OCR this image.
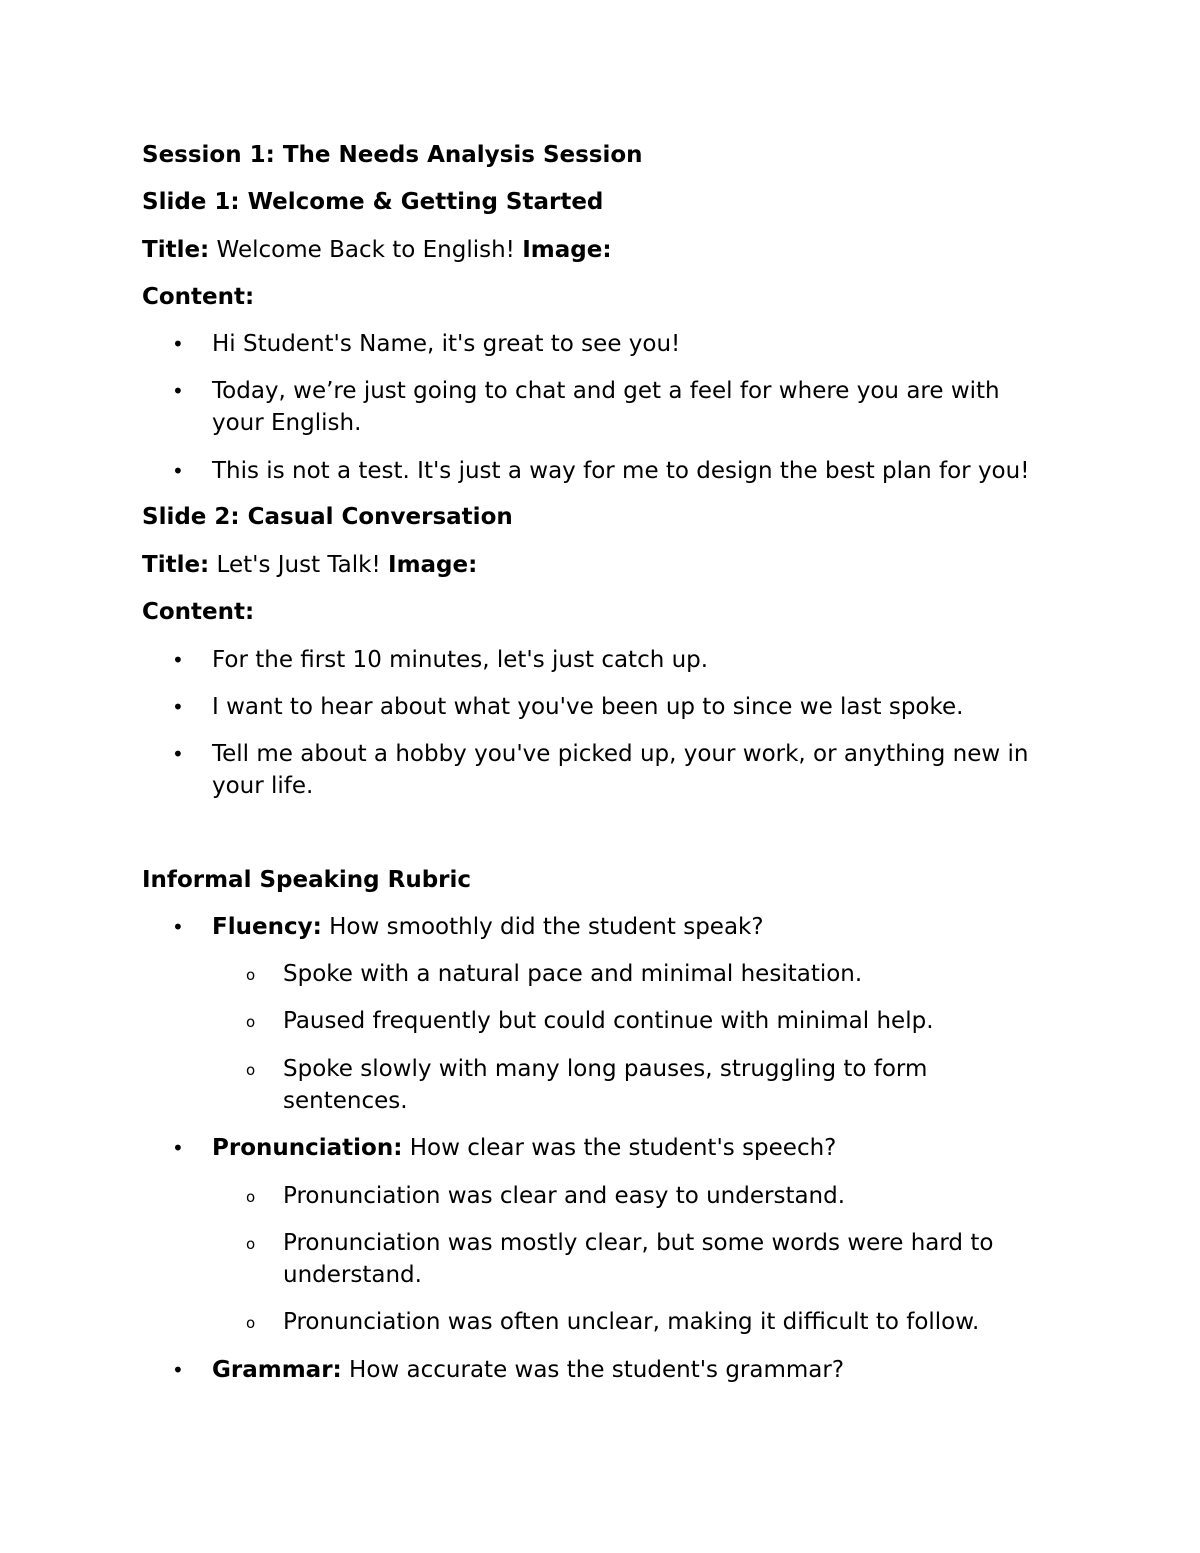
Session 1: The Needs Analysis Session
Slide 1: Welcome & Getting Started
Title: Welcome Back to English! Image:
Content:
• Hi Student's Name, it's great to see you!
• Today, we’re just going to chat and get a feel for where you are with your English.
• This is not a test. It's just a way for me to design the best plan for you!
Slide 2: Casual Conversation
Title: Let's Just Talk! Image:
Content:
• For the first 10 minutes, let's just catch up.
• I want to hear about what you've been up to since we last spoke.
• Tell me about a hobby you've picked up, your work, or anything new in your life.
Informal Speaking Rubric
• Fluency: How smoothly did the student speak?
o Spoke with a natural pace and minimal hesitation.
o Paused frequently but could continue with minimal help.
o Spoke slowly with many long pauses, struggling to form sentences.
• Pronunciation: How clear was the student's speech?
o Pronunciation was clear and easy to understand.
o Pronunciation was mostly clear, but some words were hard to understand.
o Pronunciation was often unclear, making it difficult to follow.
• Grammar: How accurate was the student's grammar?
